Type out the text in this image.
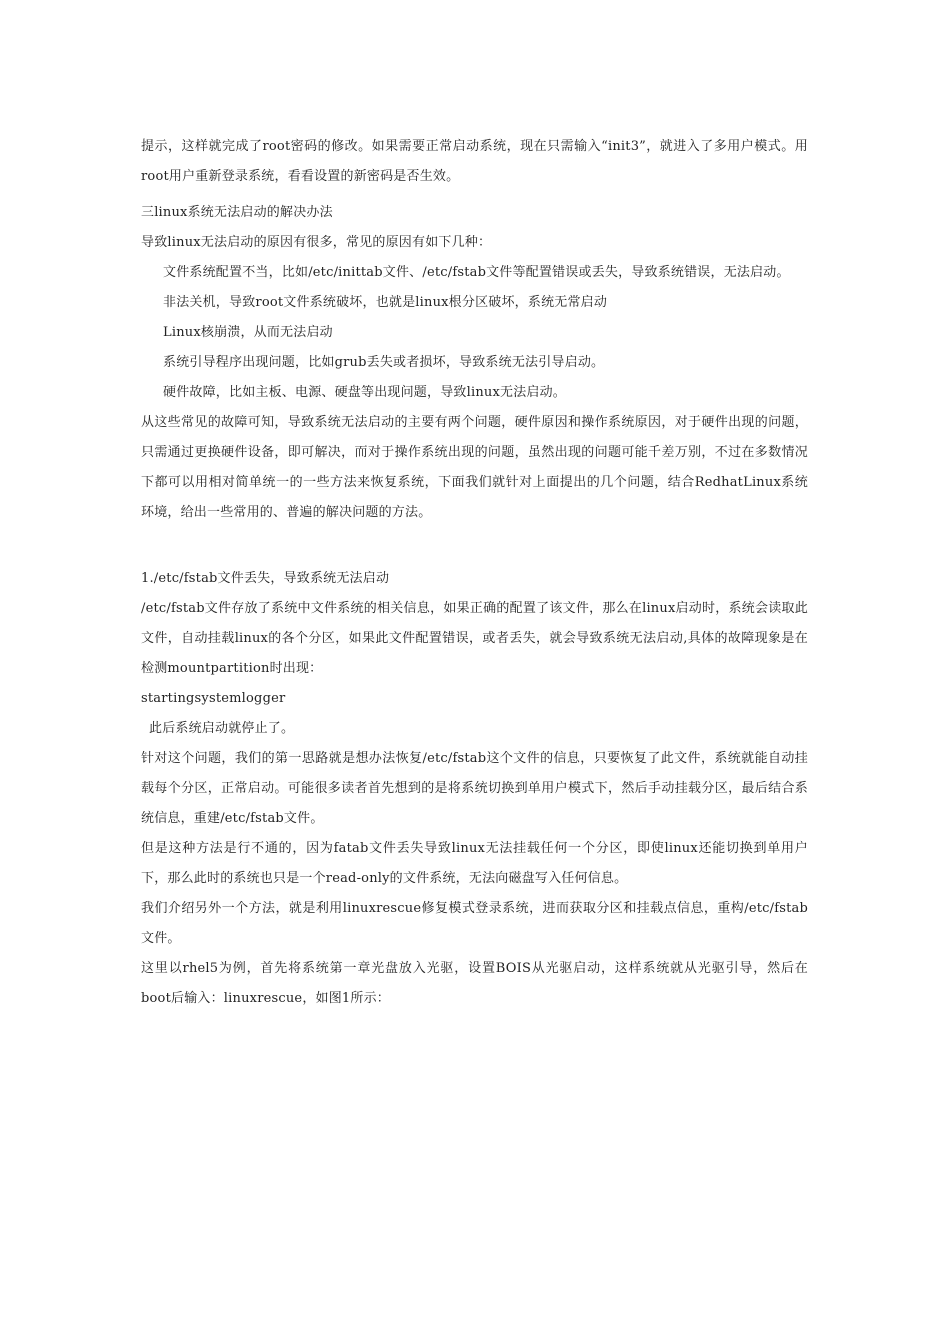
提示，这样就完成了root密码的修改。如果需要正常启动系统，现在只需输入“init3”，就进入了多用户模式。用root用户重新登录系统，看看设置的新密码是否生效。

三linux系统无法启动的解决办法

导致linux无法启动的原因有很多，常见的原因有如下几种：

文件系统配置不当，比如/etc/inittab文件、/etc/fstab文件等配置错误或丢失，导致系统错误，无法启动。

非法关机，导致root文件系统破坏，也就是linux根分区破坏，系统无常启动

Linux核崩溃，从而无法启动

系统引导程序出现问题，比如grub丢失或者损坏，导致系统无法引导启动。

硬件故障，比如主板、电源、硬盘等出现问题，导致linux无法启动。

从这些常见的故障可知，导致系统无法启动的主要有两个问题，硬件原因和操作系统原因，对于硬件出现的问题，只需通过更换硬件设备，即可解决，而对于操作系统出现的问题，虽然出现的问题可能千差万别，不过在多数情况下都可以用相对简单统一的一些方法来恢复系统，下面我们就针对上面提出的几个问题，结合RedhatLinux系统环境，给出一些常用的、普遍的解决问题的方法。

1./etc/fstab文件丢失，导致系统无法启动

/etc/fstab文件存放了系统中文件系统的相关信息，如果正确的配置了该文件，那么在linux启动时，系统会读取此文件，自动挂载linux的各个分区，如果此文件配置错误，或者丢失，就会导致系统无法启动,具体的故障现象是在检测mountpartition时出现：

startingsystemlogger

此后系统启动就停止了。

针对这个问题，我们的第一思路就是想办法恢复/etc/fstab这个文件的信息，只要恢复了此文件，系统就能自动挂载每个分区，正常启动。可能很多读者首先想到的是将系统切换到单用户模式下，然后手动挂载分区，最后结合系统信息，重建/etc/fstab文件。

但是这种方法是行不通的，因为fatab文件丢失导致linux无法挂载任何一个分区，即使linux还能切换到单用户下，那么此时的系统也只是一个read-only的文件系统，无法向磁盘写入任何信息。

我们介绍另外一个方法，就是利用linuxrescue修复模式登录系统，进而获取分区和挂载点信息，重构/etc/fstab文件。

这里以rhel5为例，首先将系统第一章光盘放入光驱，设置BOIS从光驱启动，这样系统就从光驱引导，然后在boot后输入：linuxrescue，如图1所示：
